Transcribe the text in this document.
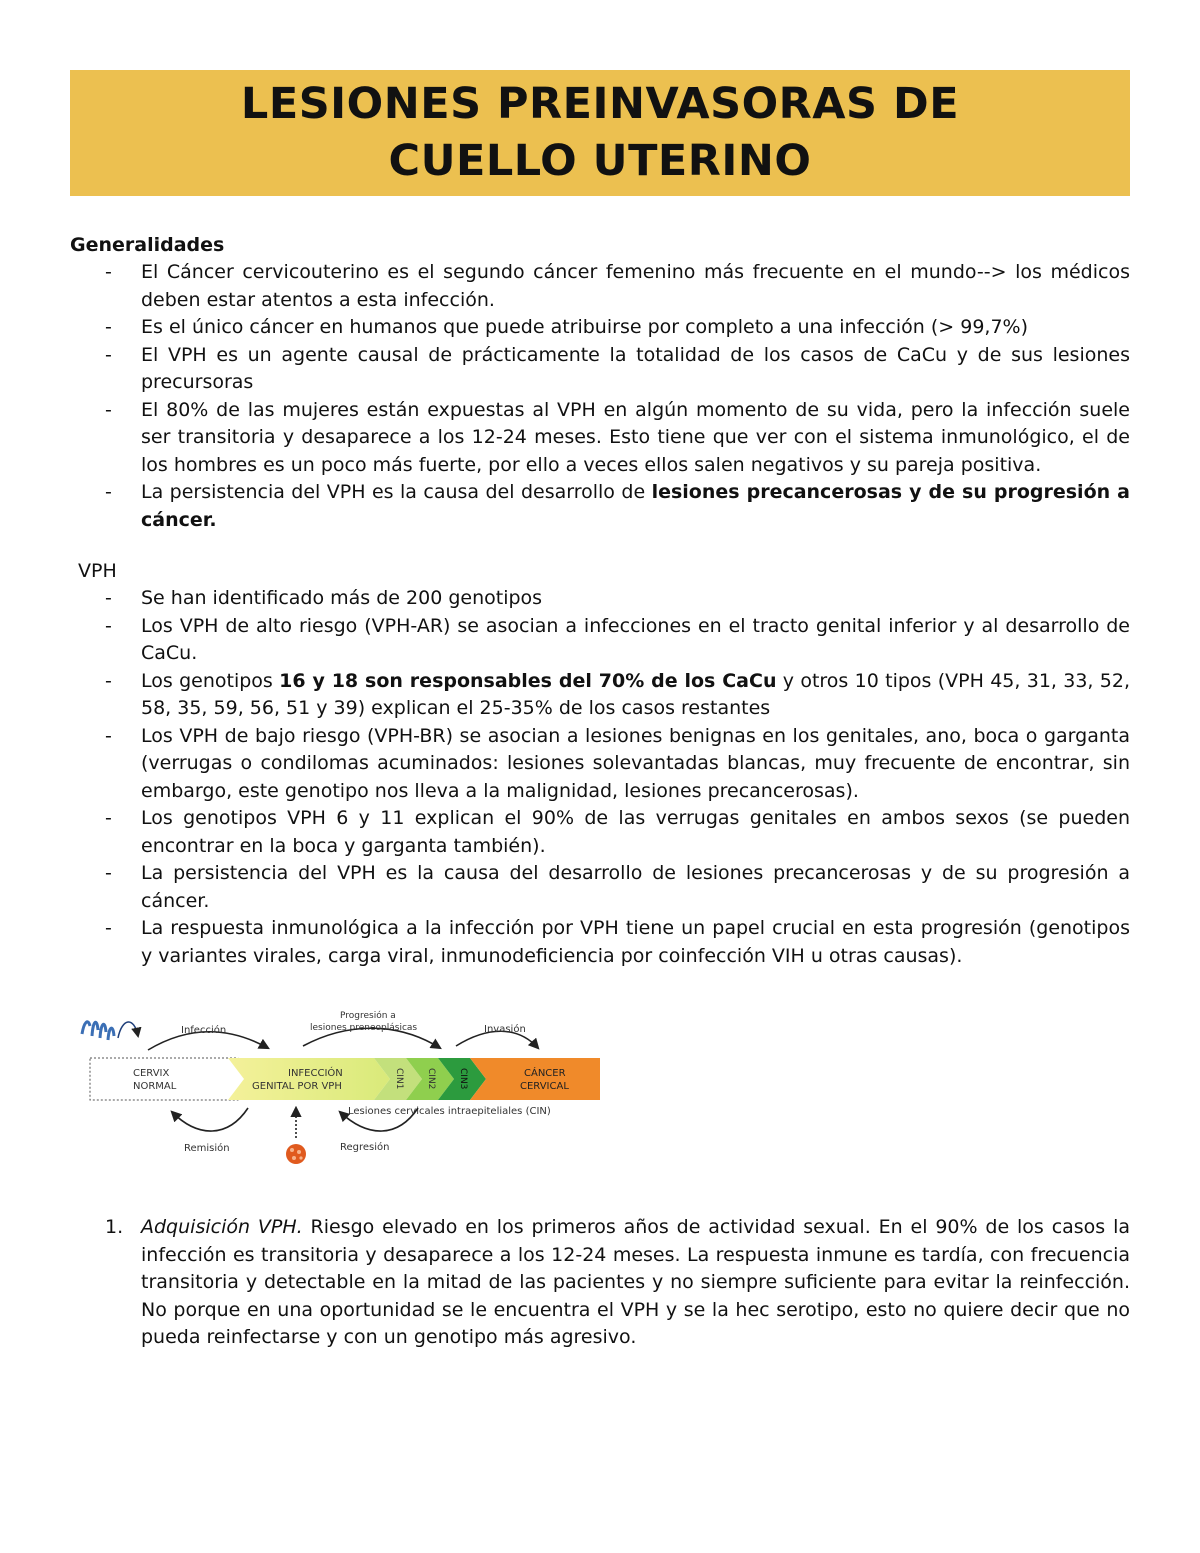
LESIONES PREINVASORAS DE
CUELLO UTERINO
Generalidades
- El Cáncer cervicouterino es el segundo cáncer femenino más frecuente en el mundo--> los médicos deben estar atentos a esta infección.
- Es el único cáncer en humanos que puede atribuirse por completo a una infección (> 99,7%)
- El VPH es un agente causal de prácticamente la totalidad de los casos de CaCu y de sus lesiones precursoras
- El 80% de las mujeres están expuestas al VPH en algún momento de su vida, pero la infección suele ser transitoria y desaparece a los 12-24 meses. Esto tiene que ver con el sistema inmunológico, el de los hombres es un poco más fuerte, por ello a veces ellos salen negativos y su pareja positiva.
- La persistencia del VPH es la causa del desarrollo de lesiones precancerosas y de su progresión a cáncer.
VPH
- Se han identificado más de 200 genotipos
- Los VPH de alto riesgo (VPH-AR) se asocian a infecciones en el tracto genital inferior y al desarrollo de CaCu.
- Los genotipos 16 y 18 son responsables del 70% de los CaCu y otros 10 tipos (VPH 45, 31, 33, 52, 58, 35, 59, 56, 51 y 39) explican el 25-35% de los casos restantes
- Los VPH de bajo riesgo (VPH-BR) se asocian a lesiones benignas en los genitales, ano, boca o garganta (verrugas o condilomas acuminados: lesiones solevantadas blancas, muy frecuente de encontrar, sin embargo, este genotipo nos lleva a la malignidad, lesiones precancerosas).
- Los genotipos VPH 6 y 11 explican el 90% de las verrugas genitales en ambos sexos (se pueden encontrar en la boca y garganta también).
- La persistencia del VPH es la causa del desarrollo de lesiones precancerosas y de su progresión a cáncer.
- La respuesta inmunológica a la infección por VPH tiene un papel crucial en esta progresión (genotipos y variantes virales, carga viral, inmunodeficiencia por coinfección VIH u otras causas).
Infección
Progresión a
lesiones preneoplásicas	Invasión
CERVIX
NORMAL
INFECCIÓN
GENITAL POR VPH	CIN1 CIN2 CIN3	CÁNCER
CERVICAL
Lesiones cervicales intraepiteliales (CIN)
Remisión	Regresión
1. Adquisición VPH. Riesgo elevado en los primeros años de actividad sexual. En el 90% de los casos la infección es transitoria y desaparece a los 12-24 meses. La respuesta inmune es tardía, con frecuencia transitoria y detectable en la mitad de las pacientes y no siempre suficiente para evitar la reinfección. No porque en una oportunidad se le encuentra el VPH y se la hec serotipo, esto no quiere decir que no pueda reinfectarse y con un genotipo más agresivo.
